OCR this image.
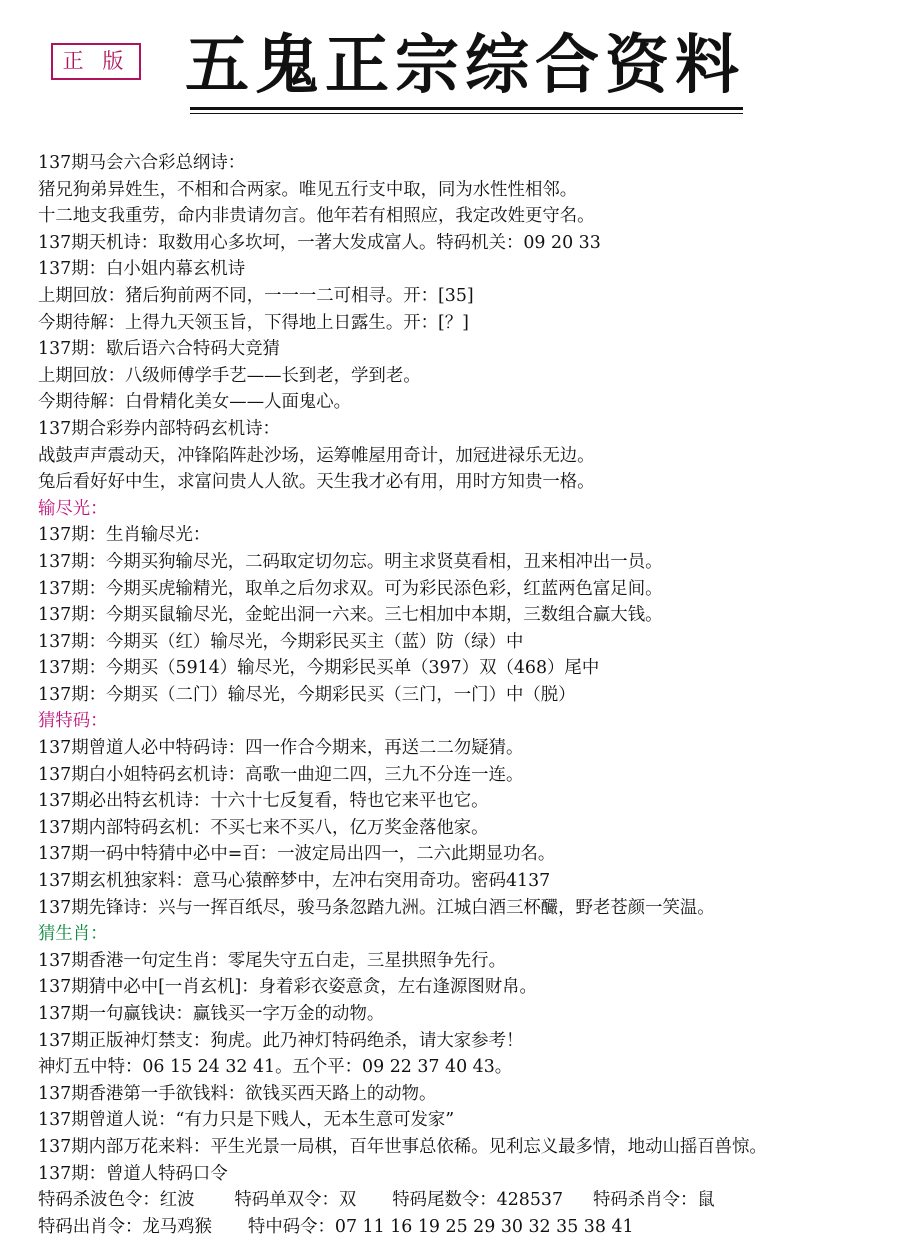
正 版 五鬼正宗综合资料
137期马会六合彩总纲诗：
猪兄狗弟异姓生，不相和合两家。唯见五行支中取，同为水性性相邻。
十二地支我重劳，命内非贵请勿言。他年若有相照应，我定改姓更守名。
137期天机诗：取数用心多坎坷，一著大发成富人。特码机关：09 20 33
137期：白小姐内幕玄机诗
上期回放：猪后狗前两不同，一一一二可相寻。开：[35]
今期待解：上得九天领玉旨，下得地上日露生。开：[？]
137期：歇后语六合特码大竞猜
上期回放：八级师傅学手艺——长到老，学到老。
今期待解：白骨精化美女——人面鬼心。
137期合彩券内部特码玄机诗：
战鼓声声震动天，冲锋陷阵赴沙场，运筹帷屋用奇计，加冠进禄乐无边。
兔后看好好中生，求富问贵人人欲。天生我才必有用，用时方知贵一格。
输尽光：
137期：生肖输尽光：
137期：今期买狗输尽光，二码取定切勿忘。明主求贤莫看相，丑来相冲出一员。
137期：今期买虎输精光，取单之后勿求双。可为彩民添色彩，红蓝两色富足间。
137期：今期买鼠输尽光，金蛇出洞一六来。三七相加中本期，三数组合赢大钱。
137期：今期买（红）输尽光，今期彩民买主（蓝）防（绿）中
137期：今期买（5914）输尽光，今期彩民买单（397）双（468）尾中
137期：今期买（二门）输尽光，今期彩民买（三门，一门）中（脱）
猜特码：
137期曾道人必中特码诗：四一作合今期来，再送二二勿疑猜。
137期白小姐特码玄机诗：高歌一曲迎二四，三九不分连一连。
137期必出特玄机诗：十六十七反复看，特也它来平也它。
137期内部特码玄机：不买七来不买八，亿万奖金落他家。
137期一码中特猜中必中=百：一波定局出四一，二六此期显功名。
137期玄机独家料：意马心猿醉梦中，左冲右突用奇功。密码4137
137期先锋诗：兴与一挥百纸尽，骏马条忽踏九洲。江城白酒三杯釅，野老苍颜一笑温。
猜生肖：
137期香港一句定生肖：零尾失守五白走，三星拱照争先行。
137期猜中必中[一肖玄机]：身着彩衣姿意贪，左右逢源图财帛。
137期一句赢钱诀：赢钱买一字万金的动物。
137期正版神灯禁支：狗虎。此乃神灯特码绝杀，请大家参考！
神灯五中特：06 15 24 32 41。五个平：09 22 37 40 43。
137期香港第一手欲钱料：欲钱买西天路上的动物。
137期曾道人说：“有力只是下贱人，无本生意可发家”
137期内部万花来料：平生光景一局棋，百年世事总依稀。见利忘义最多情，地动山摇百兽惊。
137期：曾道人特码口令
特码杀波色令：红波 特码单双令：双 特码尾数令：428537 特码杀肖令：鼠
特码出肖令：龙马鸡猴 特中码令：07 11 16 19 25 29 30 32 35 38 41
